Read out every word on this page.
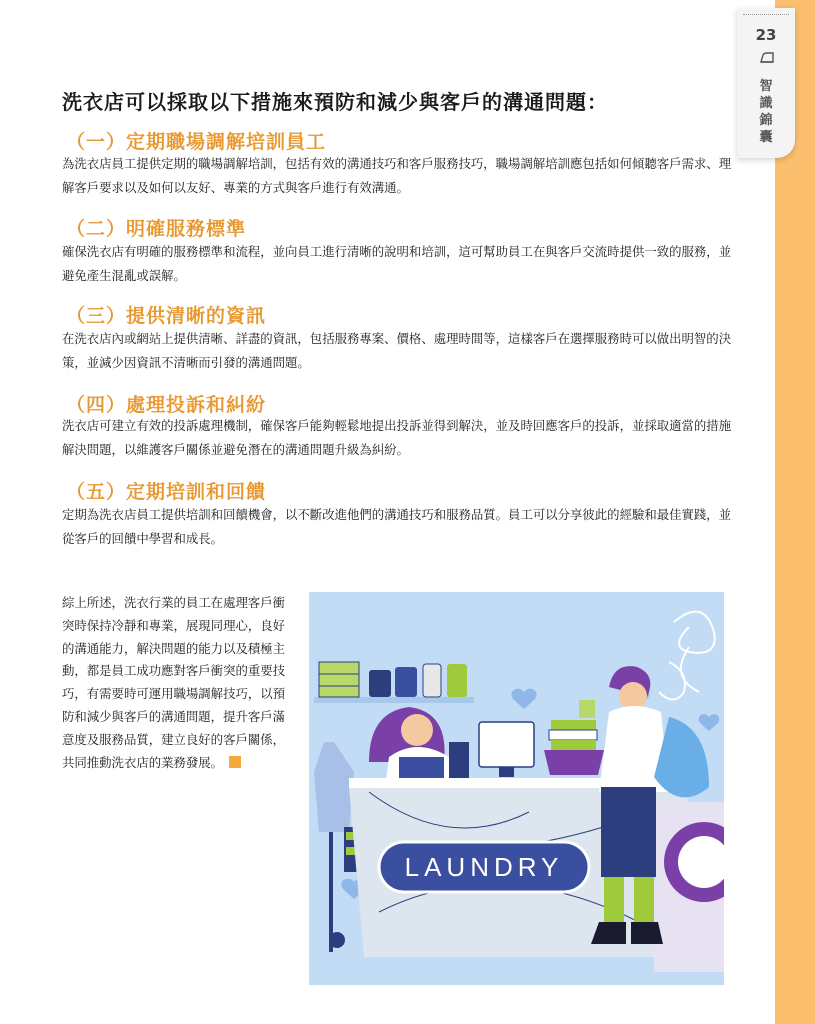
23
智識錦囊
洗衣店可以採取以下措施來預防和減少與客戶的溝通問題：
（一）定期職場調解培訓員工

為洗衣店員工提供定期的職場調解培訓，包括有效的溝通技巧和客戶服務技巧，職場調解培訓應包括如何傾聽客戶需求、理解客戶要求以及如何以友好、專業的方式與客戶進行有效溝通。

（二）明確服務標準

確保洗衣店有明確的服務標準和流程，並向員工進行清晰的說明和培訓，這可幫助員工在與客戶交流時提供一致的服務，並避免產生混亂或誤解。

（三）提供清晰的資訊

在洗衣店內或網站上提供清晰、詳盡的資訊，包括服務專案、價格、處理時間等，這樣客戶在選擇服務時可以做出明智的決策，並減少因資訊不清晰而引發的溝通問題。

（四）處理投訴和糾紛

洗衣店可建立有效的投訴處理機制，確保客戶能夠輕鬆地提出投訴並得到解決，並及時回應客戶的投訴，並採取適當的措施解決問題，以維護客戶關係並避免潛在的溝通問題升級為糾紛。

（五）定期培訓和回饋

定期為洗衣店員工提供培訓和回饋機會，以不斷改進他們的溝通技巧和服務品質。員工可以分享彼此的經驗和最佳實踐，並從客戶的回饋中學習和成長。

綜上所述，洗衣行業的員工在處理客戶衝突時保持冷靜和專業，展現同理心，良好的溝通能力，解決問題的能力以及積極主動，都是員工成功應對客戶衝突的重要技巧，有需要時可運用職場調解技巧，以預防和減少與客戶的溝通問題，提升客戶滿意度及服務品質，建立良好的客戶關係，共同推動洗衣店的業務發展。

LAUNDRY
